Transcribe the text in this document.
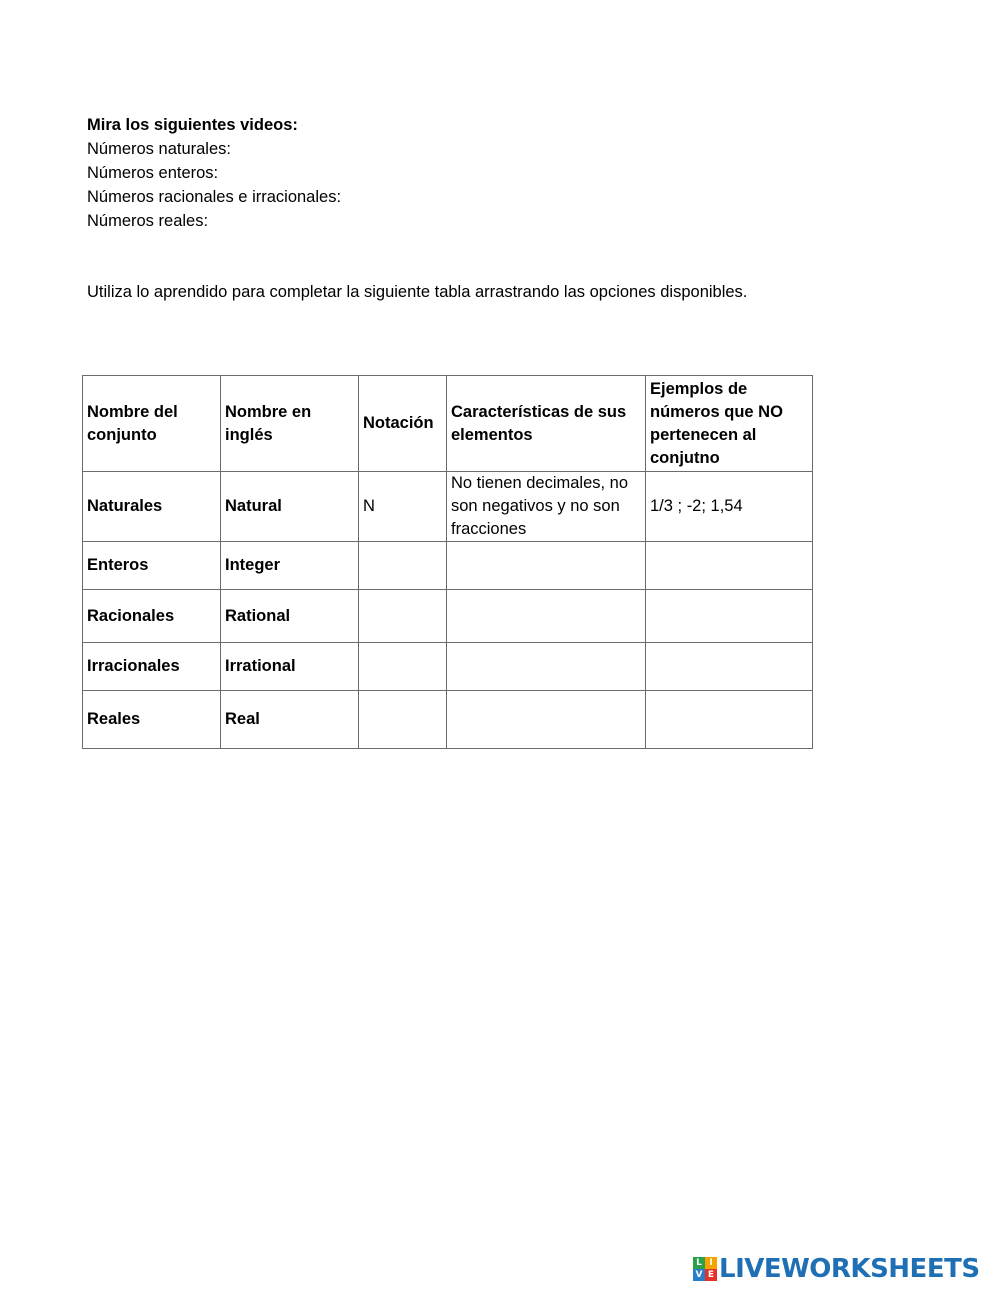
Mira los siguientes videos:
Números naturales:
Números enteros:
Números racionales e irracionales:
Números reales:
Utiliza lo aprendido para completar la siguiente tabla arrastrando las opciones disponibles.
Nombre del conjunto	Nombre en inglés	Notación	Características de sus elementos	Ejemplos de números que NO pertenecen al conjutno
Naturales	Natural	N	No tienen decimales, no son negativos y no son fracciones	1/3 ; -2; 1,54
Enteros	Integer			
Racionales	Rational			
Irracionales	Irrational			
Reales	Real			
L I
V E LIVEWORKSHEETS
